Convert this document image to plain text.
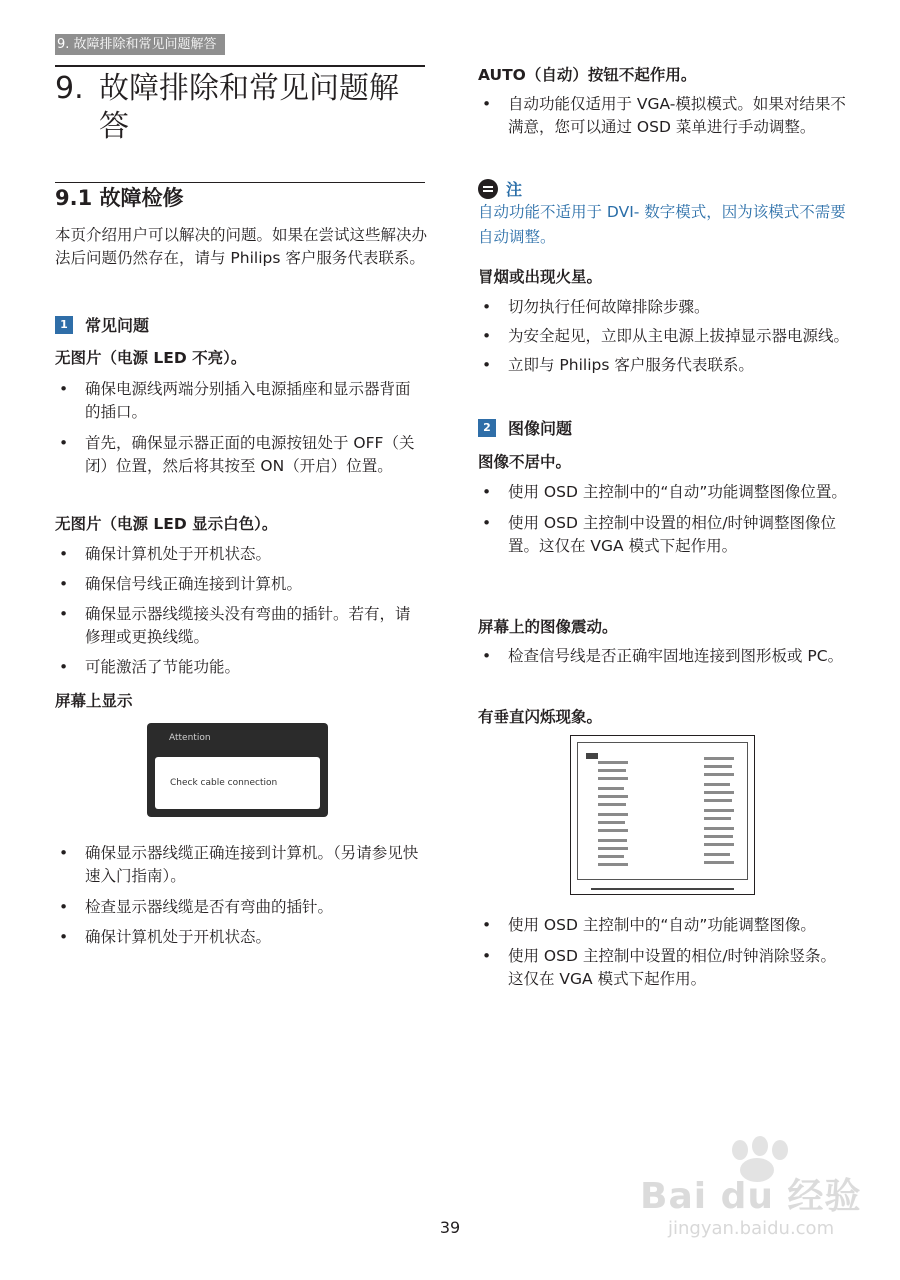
9. 故障排除和常见问题解答
9. 故障排除和常见问题解答
9.1 故障检修

本页介绍用户可以解决的问题。如果在尝试这些解决办法后问题仍然存在，请与 Philips 客户服务代表联系。

1	常见问题
无图片（电源 LED 不亮）。
•	确保电源线两端分别插入电源插座和显示器背面的插口。
•	首先，确保显示器正面的电源按钮处于 OFF（关闭）位置，然后将其按至 ON（开启）位置。
无图片（电源 LED 显示白色）。
•	确保计算机处于开机状态。
•	确保信号线正确连接到计算机。
•	确保显示器线缆接头没有弯曲的插针。若有，请修理或更换线缆。
•	可能激活了节能功能。
屏幕上显示
Attention
Check cable connection
•	确保显示器线缆正确连接到计算机。（另请参见快速入门指南）。
•	检查显示器线缆是否有弯曲的插针。
•	确保计算机处于开机状态。
AUTO（自动）按钮不起作用。
•	自动功能仅适用于 VGA-模拟模式。如果对结果不满意，您可以通过 OSD 菜单进行手动调整。
注

自动功能不适用于 DVI- 数字模式，因为该模式不需要自动调整。

冒烟或出现火星。
•	切勿执行任何故障排除步骤。
•	为安全起见，立即从主电源上拔掉显示器电源线。
•	立即与 Philips 客户服务代表联系。
2	图像问题
图像不居中。
•	使用 OSD 主控制中的“自动”功能调整图像位置。
•	使用 OSD 主控制中设置的相位/时钟调整图像位置。这仅在 VGA 模式下起作用。
屏幕上的图像震动。
•	检查信号线是否正确牢固地连接到图形板或 PC。
有垂直闪烁现象。
•	使用 OSD 主控制中的“自动”功能调整图像。
•	使用 OSD 主控制中设置的相位/时钟消除竖条。这仅在 VGA 模式下起作用。
39
Bai du 经验
jingyan.baidu.com
